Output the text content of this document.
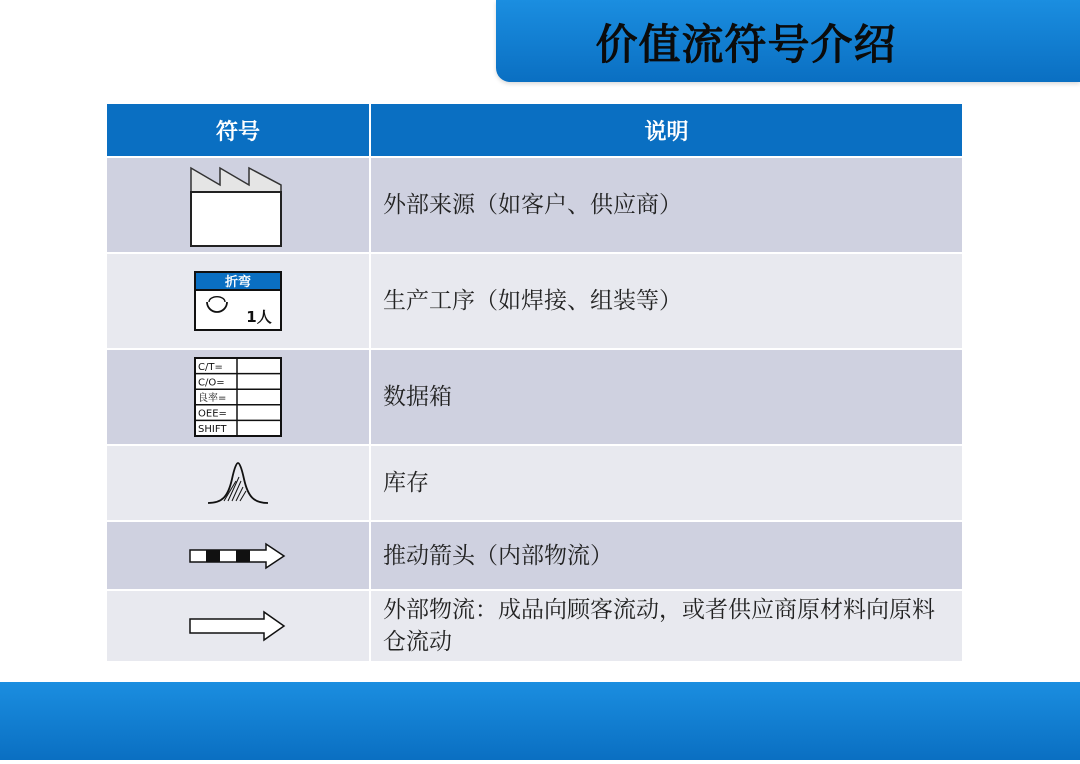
价值流符号介绍
符号	说明
外部来源（如客户、供应商）
折弯
1人
生产工序（如焊接、组装等）
C/T=
C/O=
良率=
OEE=
SHIFT
数据箱
库存
推动箭头（内部物流）
外部物流：成品向顾客流动，或者供应商原材料向原料仓流动
